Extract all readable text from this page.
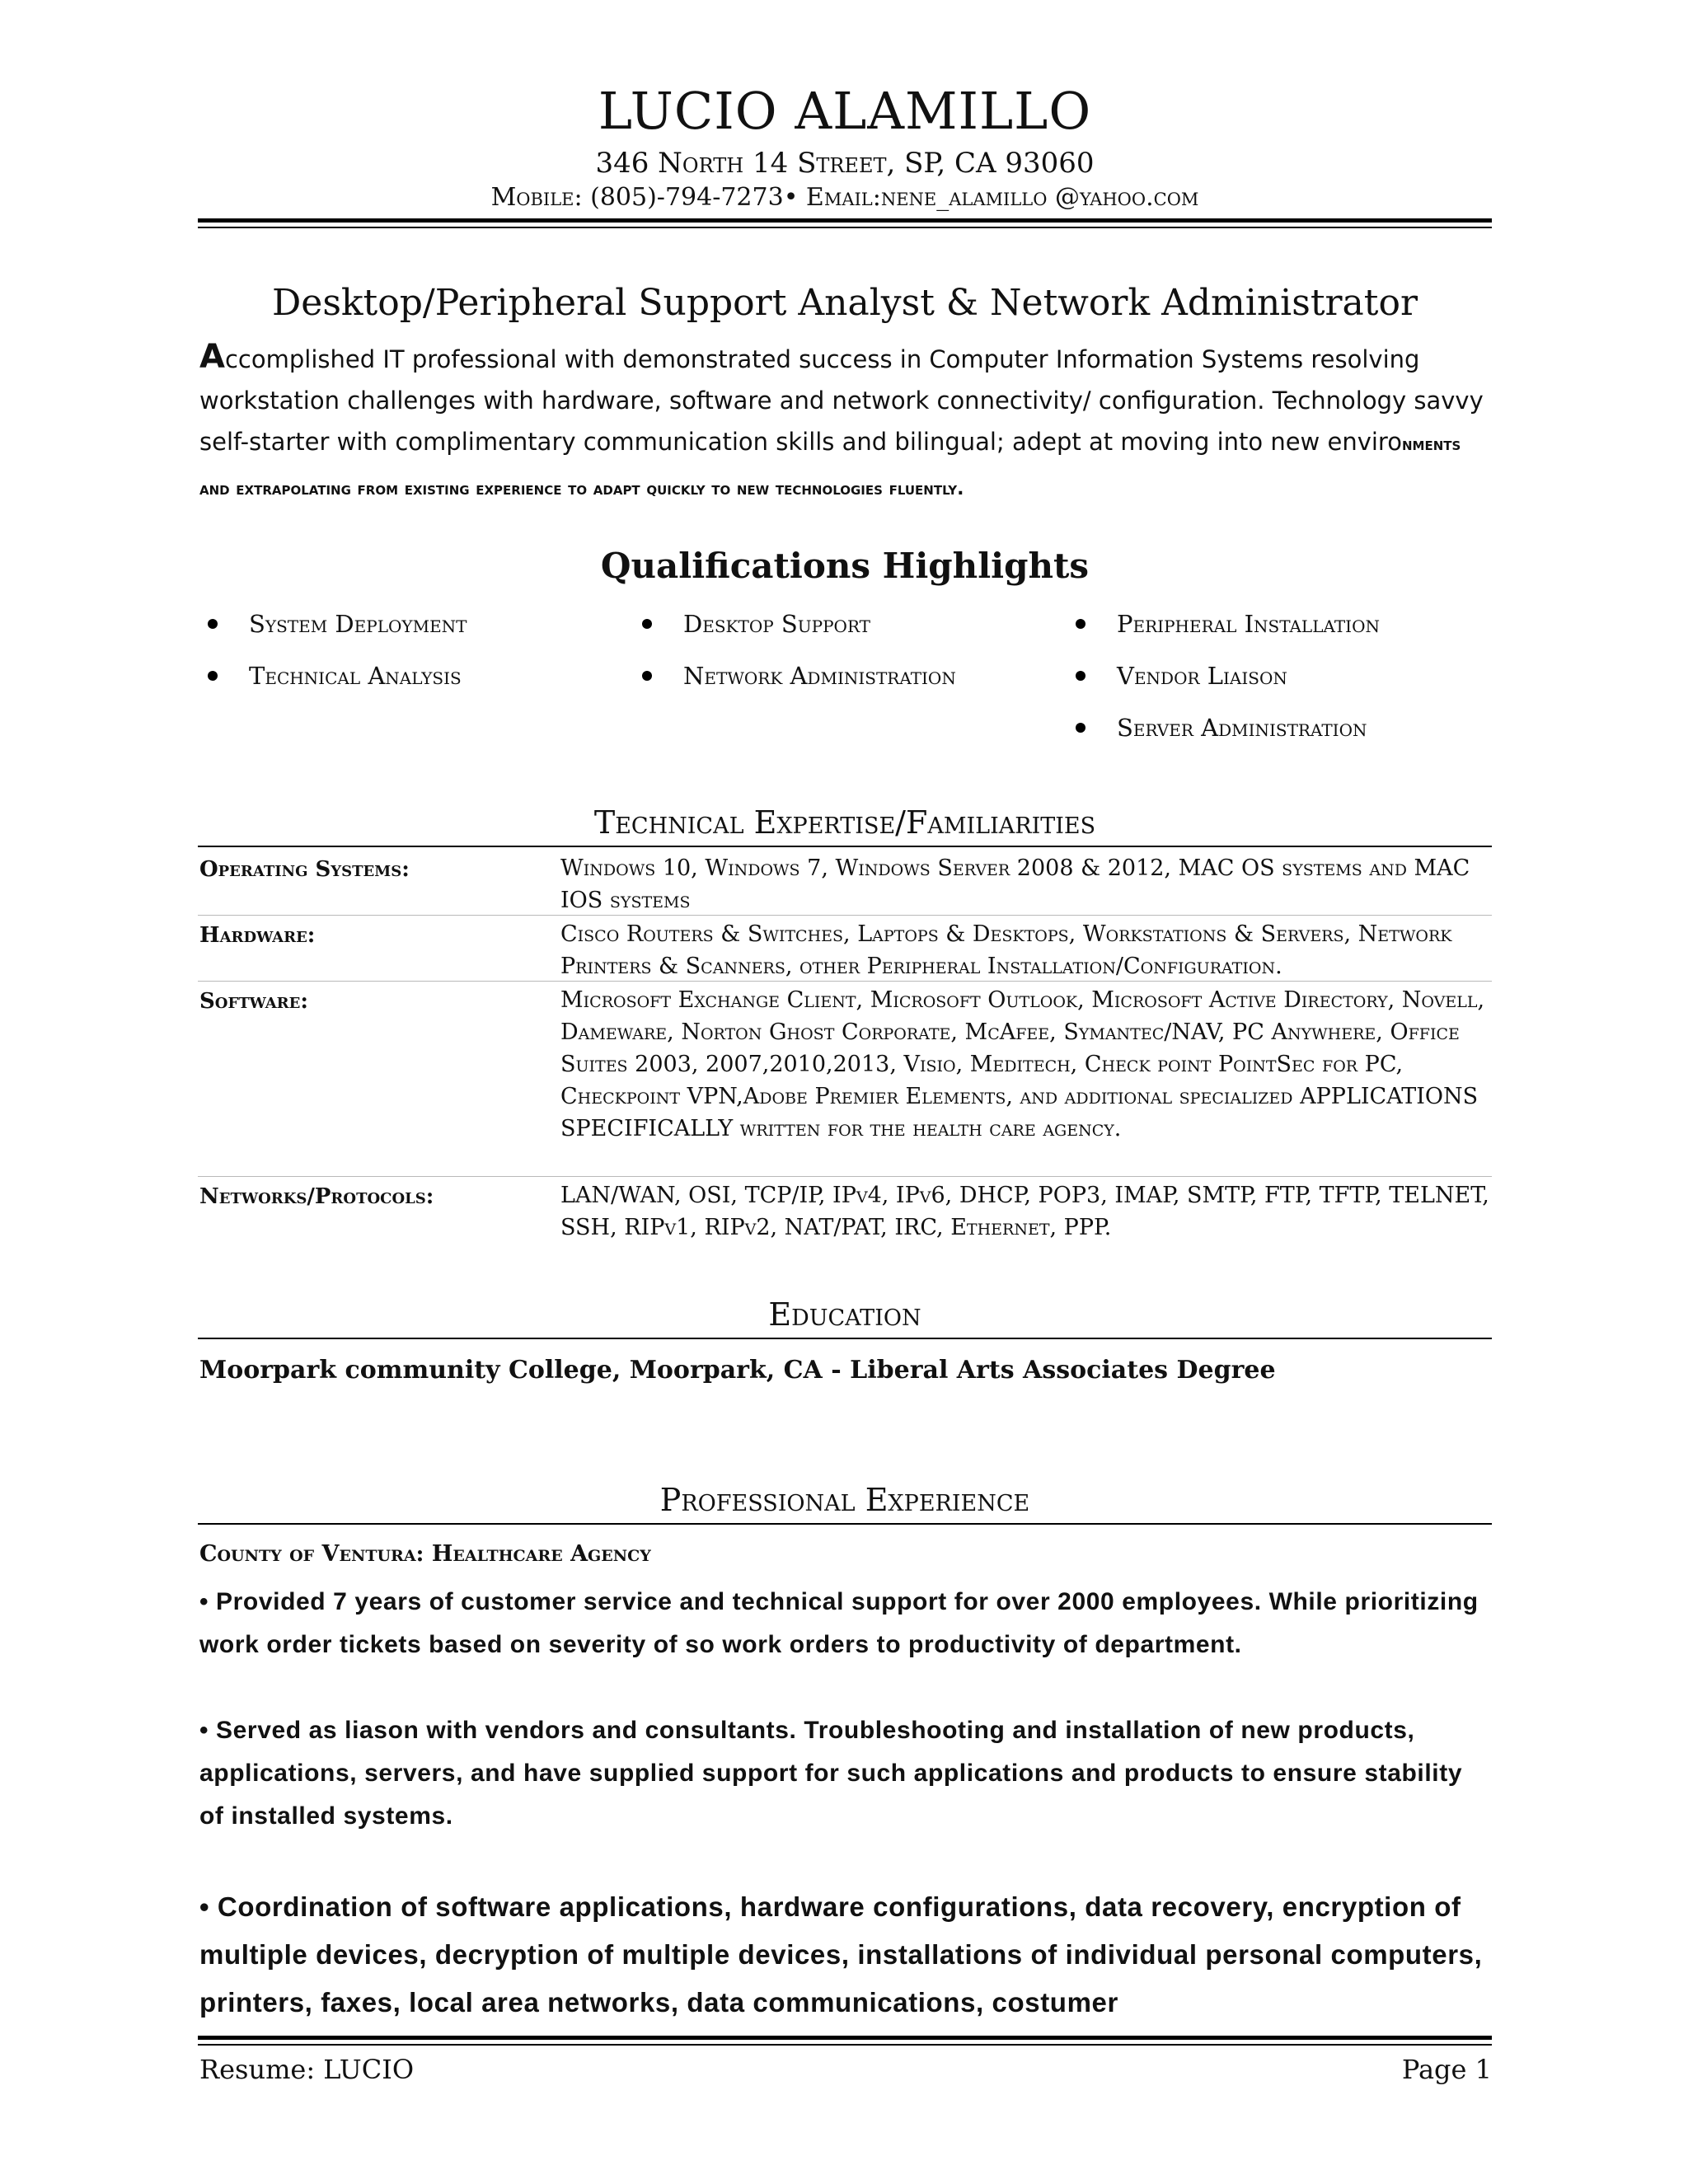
LUCIO ALAMILLO
346 North 14 Street, SP, CA 93060
Mobile: (805)-794-7273• Email:nene_alamillo @yahoo.com
Desktop/Peripheral Support Analyst & Network Administrator
Accomplished IT professional with demonstrated success in Computer Information Systems resolving workstation challenges with hardware, software and network connectivity/ configuration. Technology savvy self-starter with complimentary communication skills and bilingual; adept at moving into new environments and extrapolating from existing experience to adapt quickly to new technologies fluently.
Qualifications Highlights
System Deployment
Technical Analysis
Desktop Support
Network Administration
Peripheral Installation
Vendor Liaison
Server Administration
Technical Expertise/Familiarities
Operating Systems:	Windows 10, Windows 7, Windows Server 2008 & 2012, MAC OS systems and MAC IOS systems
Hardware:	Cisco Routers & Switches, Laptops & Desktops, Workstations & Servers, Network Printers & Scanners, other Peripheral Installation/Configuration.
Software:	Microsoft Exchange Client, Microsoft Outlook, Microsoft Active Directory, Novell, Dameware, Norton Ghost Corporate, McAfee, Symantec/NAV, PC Anywhere, Office Suites 2003, 2007,2010,2013, Visio, Meditech, Check point PointSec for PC, Checkpoint VPN,Adobe Premier Elements, and additional specialized APPLICATIONS SPECIFICALLY written for the health care agency.
Networks/Protocols:	LAN/WAN, OSI, TCP/IP, IPv4, IPv6, DHCP, POP3, IMAP, SMTP, FTP, TFTP, TELNET, SSH, RIPv1, RIPv2, NAT/PAT, IRC, Ethernet, PPP.
Education
Moorpark community College, Moorpark, CA - Liberal Arts Associates Degree
Professional Experience
County of Ventura: Healthcare Agency
• Provided 7 years of customer service and technical support for over 2000 employees. While prioritizing work order tickets based on severity of so work orders to productivity of department.
• Served as liason with vendors and consultants. Troubleshooting and installation of new products, applications, servers, and have supplied support for such applications and products to ensure stability of installed systems.
• Coordination of software applications, hardware configurations, data recovery, encryption of multiple devices, decryption of multiple devices, installations of individual personal computers, printers, faxes, local area networks, data communications, costumer
Resume: LUCIO	Page 1
